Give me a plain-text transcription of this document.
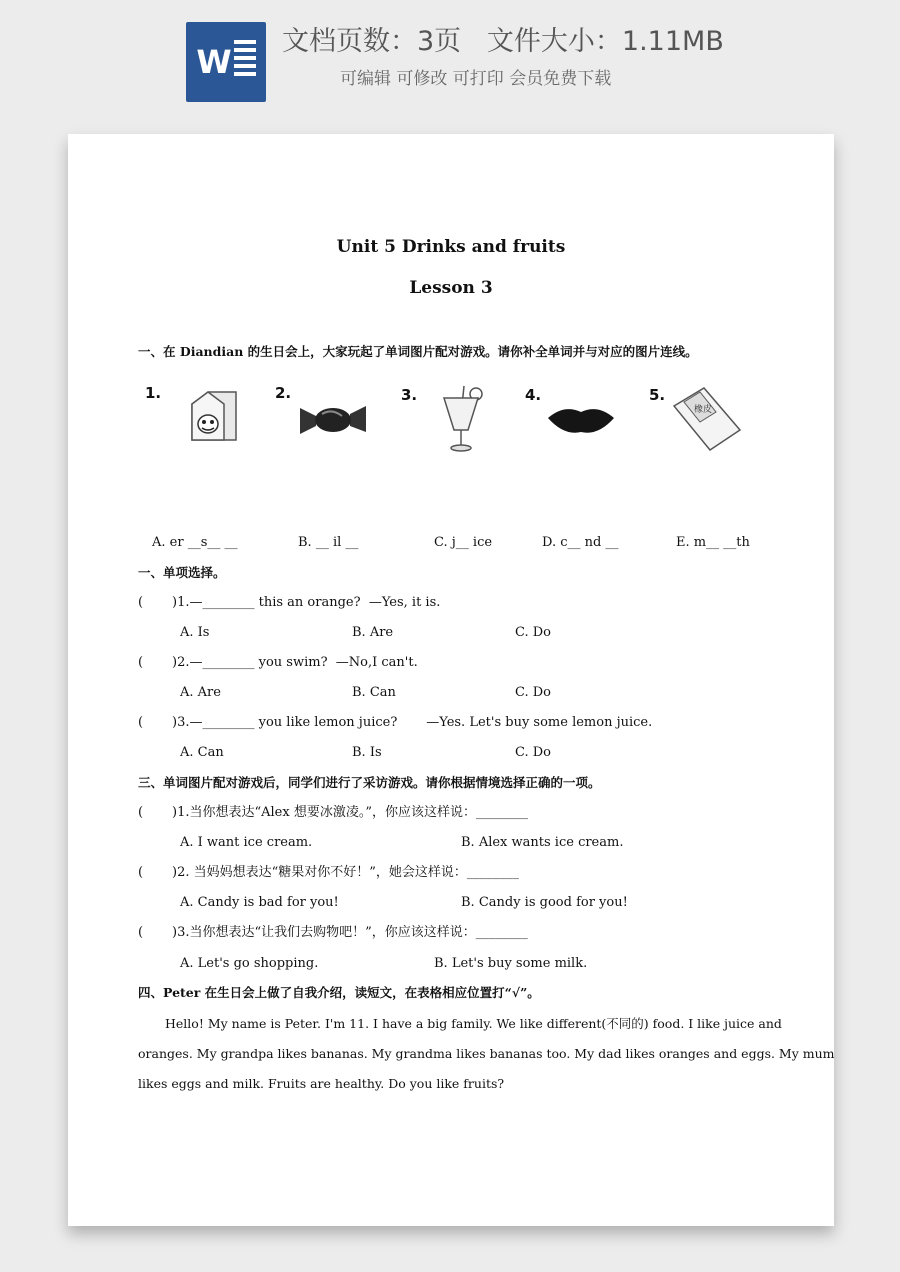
W
文档页数：3页   文件大小：1.11MB
可编辑 可修改 可打印 会员免费下载
Unit 5 Drinks and fruits
Lesson 3
一、在 Diandian 的生日会上，大家玩起了单词图片配对游戏。请你补全单词并与对应的图片连线。
1.	2.	3.	4.	5.
橡皮
A. er __s__ __	B. __ il __	C. j__ ice	D. c__ nd __	E. m__ __th
一、单项选择。
(       )1.—________ this an orange?  —Yes, it is.
A. Is	B. Are	C. Do
(       )2.—________ you swim?  —No,I can't.
A. Are	B. Can	C. Do
(       )3.—________ you like lemon juice?       —Yes. Let's buy some lemon juice.
A. Can	B. Is	C. Do
三、单词图片配对游戏后，同学们进行了采访游戏。请你根据情境选择正确的一项。
(       )1.当你想表达“Alex 想要冰激凌。”，你应该这样说：________
A. I want ice cream.	B. Alex wants ice cream.
(       )2. 当妈妈想表达“糖果对你不好！”，她会这样说：________
A. Candy is bad for you!	B. Candy is good for you!
(       )3.当你想表达“让我们去购物吧！”，你应该这样说：________
A. Let's go shopping.	B. Let's buy some milk.
四、Peter 在生日会上做了自我介绍，读短文，在表格相应位置打“√”。
Hello! My name is Peter. I'm 11. I have a big family. We like different(不同的) food. I like juice and
oranges. My grandpa likes bananas. My grandma likes bananas too. My dad likes oranges and eggs. My mum
likes eggs and milk. Fruits are healthy. Do you like fruits?
